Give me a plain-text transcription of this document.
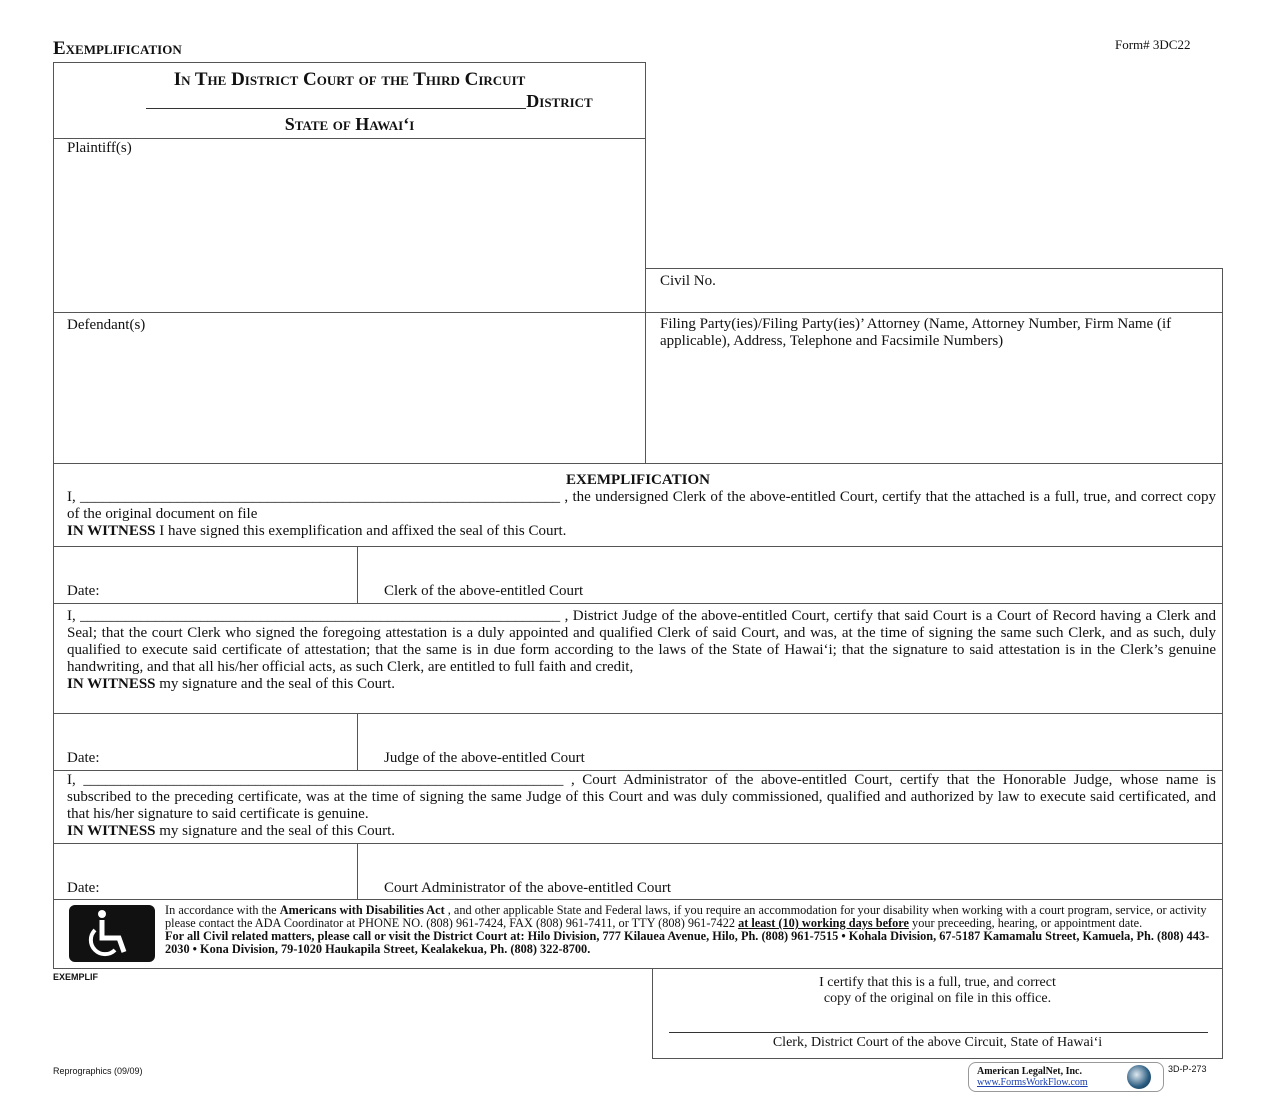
Exemplification	Form# 3DC22
In The District Court of the Third Circuit
District
State of Hawai‘i
Plaintiff(s)
Civil No.
Defendant(s)	Filing Party(ies)/Filing Party(ies)’ Attorney (Name, Attorney Number, Firm Name (if applicable), Address, Telephone and Facsimile Numbers)
EXEMPLIFICATION
I, ________________________________________________________________ , the undersigned Clerk of the above-entitled Court, certify that the attached is a full, true, and correct copy of the original document on file
IN WITNESS I have signed this exemplification and affixed the seal of this Court.
Date:	Clerk of the above-entitled Court
I, ________________________________________________________________ , District Judge of the above-entitled Court, certify that said Court is a Court of Record having a Clerk and Seal; that the court Clerk who signed the foregoing attestation is a duly appointed and qualified Clerk of said Court, and was, at the time of signing the same such Clerk, and as such, duly qualified to execute said certificate of attestation; that the same is in due form according to the laws of the State of Hawai‘i; that the signature to said attestation is in the Clerk’s genuine handwriting, and that all his/her official acts, as such Clerk, are entitled to full faith and credit,
IN WITNESS my signature and the seal of this Court.
Date:	Judge of the above-entitled Court
I, ________________________________________________________________ , Court Administrator of the above-entitled Court, certify that the Honorable Judge, whose name is subscribed to the preceding certificate, was at the time of signing the same Judge of this Court and was duly commissioned, qualified and authorized by law to execute said certificated, and that his/her signature to said certificate is genuine.
IN WITNESS my signature and the seal of this Court.
Date:	Court Administrator of the above-entitled Court
In accordance with the Americans with Disabilities Act , and other applicable State and Federal laws, if you require an accommodation for your disability when working with a court program, service, or activity please contact the ADA Coordinator at PHONE NO. (808) 961-7424, FAX (808) 961-7411, or TTY (808) 961-7422 at least (10) working days before your preceeding, hearing, or appointment date.
For all Civil related matters, please call or visit the District Court at: Hilo Division, 777 Kilauea Avenue, Hilo, Ph. (808) 961-7515 • Kohala Division, 67-5187 Kamamalu Street, Kamuela, Ph. (808) 443-2030 • Kona Division, 79-1020 Haukapila Street, Kealakekua, Ph. (808) 322-8700.
EXEMPLIF	I certify that this is a full, true, and correct
copy of the original on file in this office.
Clerk, District Court of the above Circuit, State of Hawai‘i
Reprographics (09/09)	American LegalNet, Inc.
www.FormsWorkFlow.com
3D-P-273
